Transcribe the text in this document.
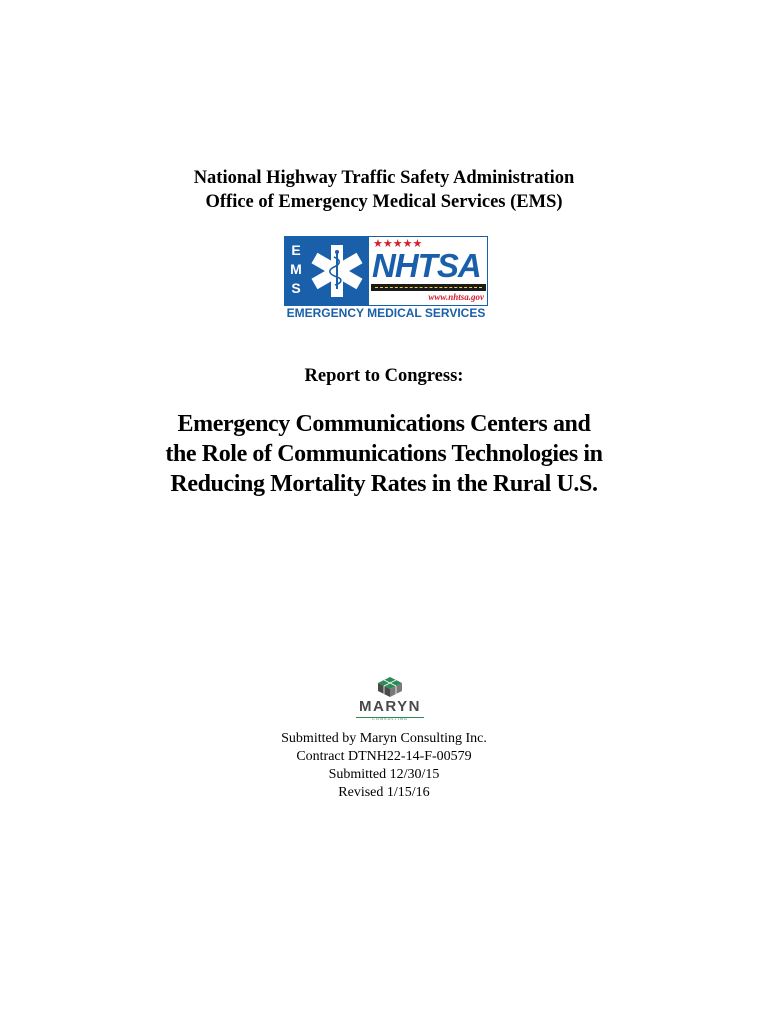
National Highway Traffic Safety Administration
Office of Emergency Medical Services (EMS)
E
M
S
★★★★★
NHTSA
www.nhtsa.gov
EMERGENCY MEDICAL SERVICES
Report to Congress:
Emergency Communications Centers and
the Role of Communications Technologies in
Reducing Mortality Rates in the Rural U.S.
MARYN
CONSULTING
Submitted by Maryn Consulting Inc.
Contract DTNH22-14-F-00579
Submitted 12/30/15
Revised 1/15/16
